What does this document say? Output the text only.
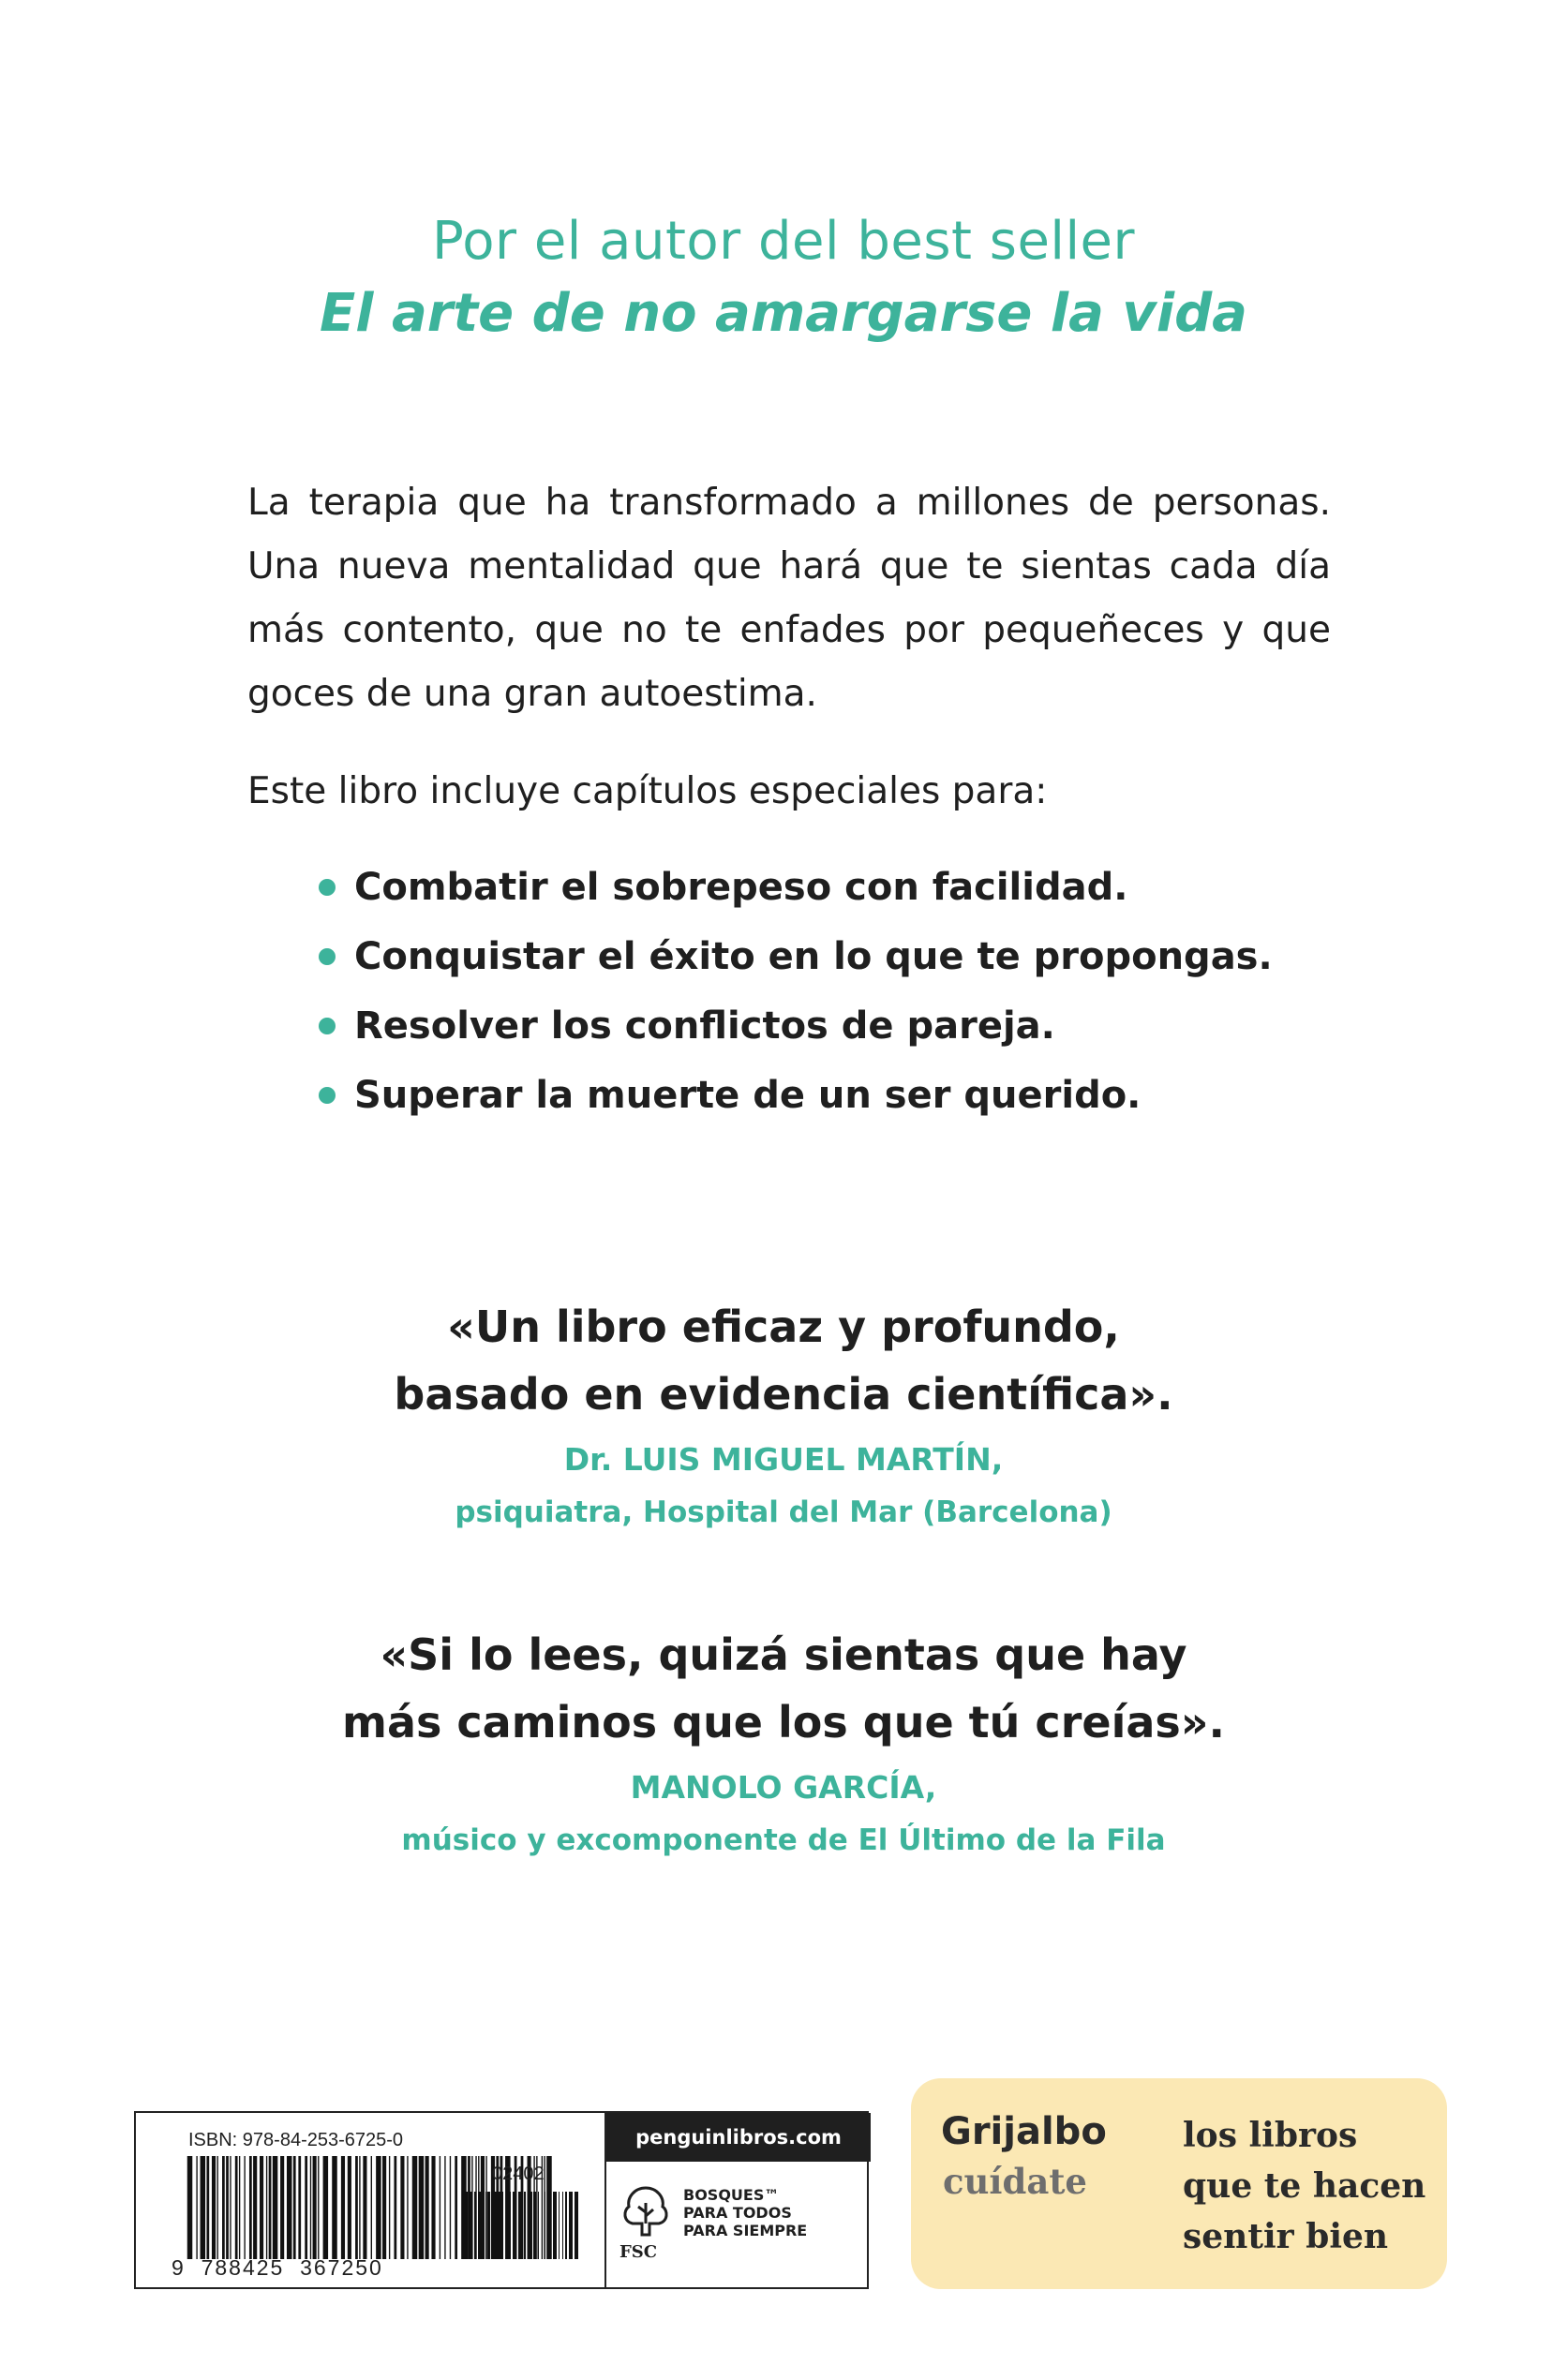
Por el autor del best seller
El arte de no amargarse la vida
La terapia que ha transformado a millones de personas. Una nueva mentalidad que hará que te sientas cada día más contento, que no te enfades por pequeñeces y que goces de una gran autoestima.
Este libro incluye capítulos especiales para:
Combatir el sobrepeso con facilidad.
Conquistar el éxito en lo que te propongas.
Resolver los conflictos de pareja.
Superar la muerte de un ser querido.
«Un libro eficaz y profundo,
basado en evidencia científica».
Dr. LUIS MIGUEL MARTÍN,
psiquiatra, Hospital del Mar (Barcelona)
«Si lo lees, quizá sientas que hay
más caminos que los que tú creías».
MANOLO GARCÍA,
músico y excomponente de El Último de la Fila
ISBN: 978-84-253-6725-0
02402
9  788425  367250
penguinlibros.com
FSC
BOSQUES™
PARA TODOS
PARA SIEMPRE
Grijalbo
cuídate
los libros
que te hacen
sentir bien
